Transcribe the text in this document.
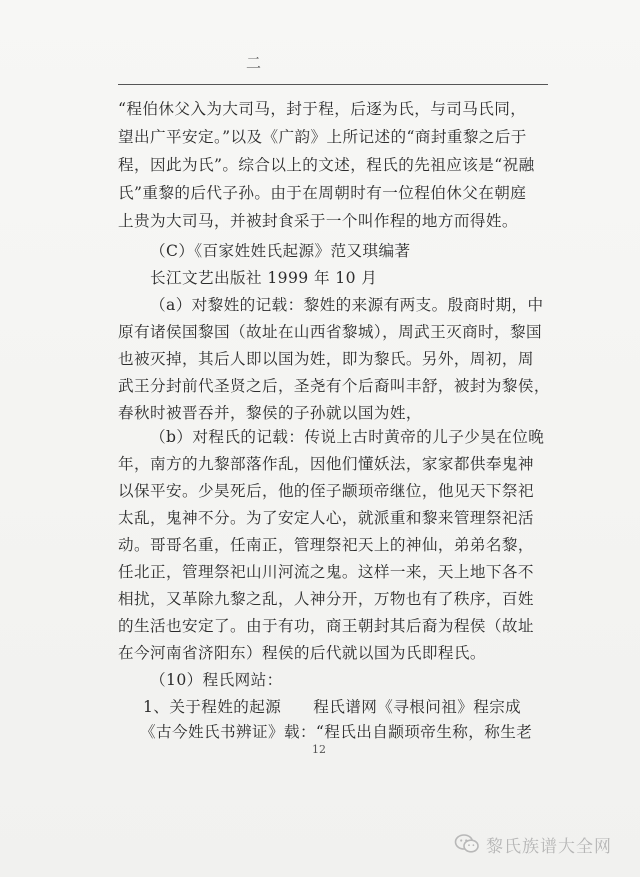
二
“程伯休父入为大司马，封于程，后逐为氏，与司马氏同，
望出广平安定。”以及《广韵》上所记述的“商封重黎之后于
程，因此为氏”。综合以上的文述，程氏的先祖应该是“祝融
氏”重黎的后代子孙。由于在周朝时有一位程伯休父在朝庭
上贵为大司马，并被封食采于一个叫作程的地方而得姓。
（C）《百家姓姓氏起源》范又琪编著
长江文艺出版社 1999 年 10 月
（a）对黎姓的记载：黎姓的来源有两支。殷商时期，中
原有诸侯国黎国（故址在山西省黎城），周武王灭商时，黎国
也被灭掉，其后人即以国为姓，即为黎氏。另外，周初，周
武王分封前代圣贤之后，圣尧有个后裔叫丰舒，被封为黎侯，
春秋时被晋吞并，黎侯的子孙就以国为姓，
（b）对程氏的记载：传说上古时黄帝的儿子少昊在位晚
年，南方的九黎部落作乱，因他们懂妖法，家家都供奉鬼神
以保平安。少昊死后，他的侄子颛顼帝继位，他见天下祭祀
太乱，鬼神不分。为了安定人心，就派重和黎来管理祭祀活
动。哥哥名重，任南正，管理祭祀天上的神仙，弟弟名黎，
任北正，管理祭祀山川河流之鬼。这样一来，天上地下各不
相扰，又革除九黎之乱，人神分开，万物也有了秩序，百姓
的生活也安定了。由于有功，商王朝封其后裔为程侯（故址
在今河南省济阳东）程侯的后代就以国为氏即程氏。
（10）程氏网站：
1、关于程姓的起源　　程氏谱网《寻根问祖》程宗成
《古今姓氏书辨证》载：“程氏出自颛顼帝生称，称生老
12
黎氏族谱大全网
